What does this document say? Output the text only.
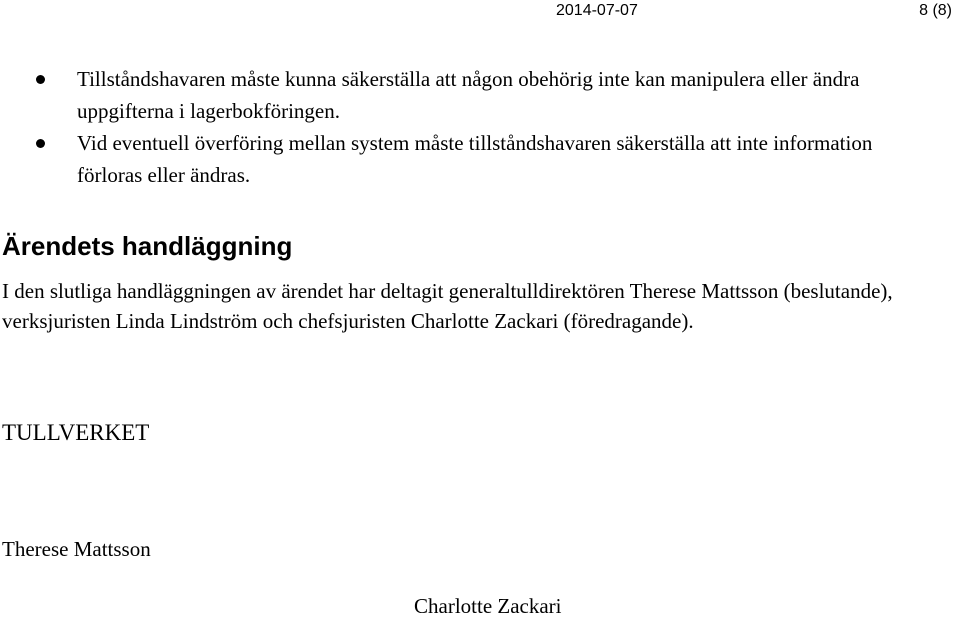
2014-07-07	8 (8)
Tillståndshavaren måste kunna säkerställa att någon obehörig inte kan manipulera eller ändra uppgifterna i lagerbokföringen.
Vid eventuell överföring mellan system måste tillståndshavaren säkerställa att inte information förloras eller ändras.
Ärendets handläggning

I den slutliga handläggningen av ärendet har deltagit generaltulldirektören Therese Mattsson (beslutande), verksjuristen Linda Lindström och chefsjuristen Charlotte Zackari (föredragande).

TULLVERKET
Therese Mattsson
Charlotte Zackari
